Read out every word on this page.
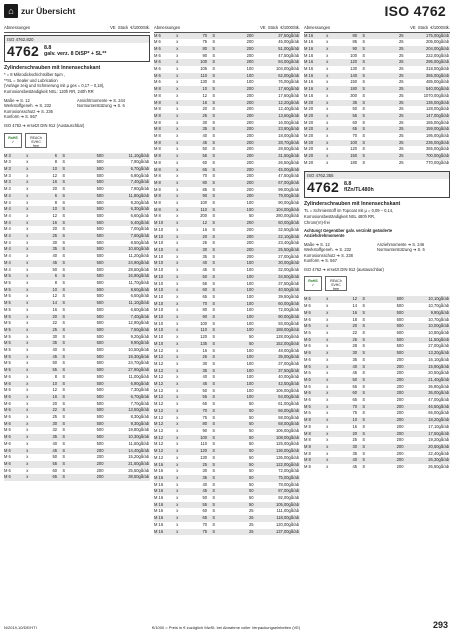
⌂ zur Übersicht	ISO 4762
Abmessungen	VE Stück €/1000Stk.
ISO 4762.820
4762 8.8
galv. verz. 8 DiSP* + SL**
Zylinderschrauben mit Innensechskant
* = 8 Mikrodickschichtsilber 5µm ,
**SL = Sealer und Lubrication
(Vorlage zeig und Schmierung mit µ ges = 0,17 – 0,18),
Korrosionsbeständigkeit NSL: 120h RR, 240h RR
Maße ➔ S. 12	Ansichtmomente ➔ S. 244
Werkstoffgeneh. ➔ S. 232	Normunterstützung ➔ S. 6
Korrosionsschutz ➔ S. 236
Konform ➔ S. 567
ISO 4762 ➔ ersetzt DIN 912 (Austauschbar)
RoHS
✓
REACh
SVHC
free
M 3	x	6	S	500	11,10gß/ab
M 3	x	8	S	500	7,90gß/ab
M 3	x	10	S	500	6,70gß/ab
M 3	x	12	S	500	6,90gß/ab
M 3	x	16	S	500	7,40gß/ab
M 3	x	20	S	500	7,90gß/ab
M 4	x	6	S	500	11,80gß/ab
M 4	x	8	S	500	8,20gß/ab
M 4	x	10	S	500	6,30gß/ab
M 4	x	12	S	500	6,60gß/ab
M 4	x	16	S	500	6,40gß/ab
M 4	x	20	S	500	7,00gß/ab
M 4	x	25	S	500	7,60gß/ab
M 4	x	30	S	500	8,50gß/ab
M 4	x	35	S	500	10,60gß/ab
M 4	x	40	S	500	11,20gß/ab
M 4	x	45	S	500	24,90gß/ab
M 4	x	50	S	500	28,50gß/ab
M 5	x	6	S	500	16,90gß/ab
M 5	x	8	S	500	11,70gß/ab
M 5	x	10	S	500	8,60gß/ab
M 5	x	12	S	500	6,50gß/ab
M 5	x	14	S	500	11,10gß/ab
M 5	x	16	S	500	6,60gß/ab
M 5	x	20	S	500	7,40gß/ab
M 5	x	22	S	500	12,90gß/ab
M 5	x	25	S	500	7,50gß/ab
M 5	x	30	S	500	9,20gß/ab
M 5	x	35	S	500	9,90gß/ab
M 5	x	40	S	500	10,50gß/ab
M 5	x	45	S	500	19,30gß/ab
M 5	x	50	S	500	24,70gß/ab
M 5	x	55	S	500	27,90gß/ab
M 6	x	8	S	500	11,00gß/ab
M 6	x	10	S	500	6,90gß/ab
M 6	x	12	S	500	7,30gß/ab
M 6	x	16	S	500	6,70gß/ab
M 6	x	20	S	500	7,70gß/ab
M 6	x	22	S	500	13,50gß/ab
M 6	x	25	S	500	8,30gß/ab
M 6	x	30	S	500	9,30gß/ab
M 6	x	32	S	500	19,80gß/ab
M 6	x	35	S	500	10,30gß/ab
M 6	x	40	S	500	11,60gß/ab
M 6	x	45	S	200	14,40gß/ab
M 6	x	50	S	200	15,20gß/ab
M 6	x	55	S	200	21,60gß/ab
M 6	x	60	S	200	25,50gß/ab
M 6	x	65	S	200	38,50gß/ab
Abmessungen	VE Stück €/1000Stk.
M 6	x	70	S	200	37,50gß/ab
M 6	x	75	S	200	45,00gß/ab
M 6	x	80	S	200	51,00gß/ab
M 6	x	90	S	200	47,50gß/ab
M 6	x	100	S	200	84,00gß/ab
M 6	x	105	S	100	104,00gß/ab
M 6	x	110	S	100	62,00gß/ab
M 6	x	130	S	100	76,00gß/ab
M 8	x	10	S	200	17,60gß/ab
M 8	x	12	S	200	17,60gß/ab
M 8	x	16	S	200	12,20gß/ab
M 8	x	20	S	200	12,40gß/ab
M 8	x	25	S	200	13,60gß/ab
M 8	x	30	S	200	16,00gß/ab
M 8	x	35	S	200	23,90gß/ab
M 8	x	40	S	200	18,00gß/ab
M 8	x	45	S	200	28,70gß/ab
M 8	x	50	S	200	28,50gß/ab
M 8	x	55	S	200	31,50gß/ab
M 8	x	60	S	200	26,50gß/ab
M 8	x	65	S	200	45,00gß/ab
M 8	x	70	S	200	47,50gß/ab
M 8	x	80	S	200	67,00gß/ab
M 8	x	85	S	200	99,00gß/ab
M 8	x	90	S	200	79,00gß/ab
M 8	x	100	S	100	90,00gß/ab
M 8	x	110	S	100	104,00gß/ab
M 8	x	200	S	50	280,00gß/ab
M 10	x	12	S	200	60,00gß/ab
M 10	x	16	S	200	32,50gß/ab
M 10	x	20	S	200	22,10gß/ab
M 10	x	25	S	200	23,40gß/ab
M 10	x	30	S	200	25,50gß/ab
M 10	x	35	S	200	27,00gß/ab
M 10	x	40	S	100	30,00gß/ab
M 10	x	45	S	100	32,00gß/ab
M 10	x	50	S	100	34,50gß/ab
M 10	x	55	S	100	37,50gß/ab
M 10	x	60	S	100	40,50gß/ab
M 10	x	65	S	100	39,50gß/ab
M 10	x	70	S	100	60,00gß/ab
M 10	x	80	S	100	72,00gß/ab
M 10	x	90	S	100	90,00gß/ab
M 10	x	100	S	100	93,00gß/ab
M 10	x	110	S	100	188,00gß/ab
M 10	x	120	S	50	128,00gß/ab
M 10	x	135	S	50	152,00gß/ab
M 12	x	16	S	100	48,00gß/ab
M 12	x	25	S	100	35,00gß/ab
M 12	x	30	S	100	37,00gß/ab
M 12	x	35	S	100	37,50gß/ab
M 12	x	40	S	100	40,00gß/ab
M 12	x	45	S	100	42,50gß/ab
M 12	x	50	S	100	106,00gß/ab
M 12	x	55	S	100	54,00gß/ab
M 12	x	65	S	50	61,00gß/ab
M 12	x	70	S	50	66,00gß/ab
M 12	x	75	S	50	68,00gß/ab
M 12	x	80	S	50	68,00gß/ab
M 12	x	90	S	50	106,00gß/ab
M 12	x	100	S	50	108,00gß/ab
M 12	x	110	S	50	125,00gß/ab
M 12	x	120	S	50	136,00gß/ab
M 12	x	130	S	50	136,00gß/ab
M 16	x	25	S	50	122,00gß/ab
M 16	x	30	S	50	72,00gß/ab
M 16	x	35	S	50	75,00gß/ab
M 16	x	40	S	50	78,00gß/ab
M 16	x	45	S	50	87,00gß/ab
M 16	x	50	S	50	92,00gß/ab
M 16	x	55	S	50	105,00gß/ab
M 16	x	60	S	25	111,00gß/ab
M 16	x	65	S	25	118,00gß/ab
M 16	x	70	S	25	120,00gß/ab
M 16	x	75	S	25	137,00gß/ab
Abmessungen	VE Stück €/1000Stk.
M 16	x	80	S	25	175,00gß/ab
M 16	x	85	S	25	205,00gß/ab
M 16	x	90	S	25	204,00gß/ab
M 16	x	100	S	25	222,00gß/ab
M 16	x	120	S	25	295,00gß/ab
M 16	x	130	S	25	318,00gß/ab
M 16	x	140	S	25	365,00gß/ab
M 16	x	150	S	25	485,00gß/ab
M 16	x	180	S	25	540,00gß/ab
M 16	x	300	S	25	1070,00gß/ab
M 20	x	35	S	25	136,00gß/ab
M 20	x	50	S	25	128,00gß/ab
M 20	x	55	S	25	147,00gß/ab
M 20	x	60	S	25	155,00gß/ab
M 20	x	65	S	25	159,00gß/ab
M 20	x	70	S	25	195,00gß/ab
M 20	x	100	S	25	236,00gß/ab
M 20	x	120	S	25	365,00gß/ab
M 20	x	150	S	25	700,00gß/ab
M 20	x	180	S	25	770,00gß/ab
ISO 4762.355
4762 8.8
flZn/TL480h
Zylinderschrauben mit Innensechskant
TL = Schmierstoff im Topcoat mit µ = 0,09 – 0,14,
Korrosionsbeständigkeit NSL 480h RR,
Chrom(VI)-frei
Achtung! Gegenüber galv. verzinkt geänderte
Anziehdrehmomente
Maße ➔ S. 12	Anziehmomente ➔ S. 246
Werkstoffgeneh. ➔ S. 232	Normunterstützung ➔ S. 6
Korrosionsschutz ➔ S. 238
Konform ➔ S. 567
ISO 4762 ➔ ersetzt DIN 912 (austauschbar)
RoHS
✓
REACh
SVHC
free
M 6	x	12	S	500	10,10gß/ab
M 6	x	14	S	500	10,70gß/ab
M 6	x	16	S	500	9,90gß/ab
M 6	x	18	S	500	10,70gß/ab
M 6	x	20	S	500	10,00gß/ab
M 6	x	22	S	500	10,80gß/ab
M 6	x	25	S	500	11,50gß/ab
M 6	x	28	S	500	27,00gß/ab
M 6	x	30	S	500	13,20gß/ab
M 6	x	35	S	200	16,10gß/ab
M 6	x	40	S	200	15,90gß/ab
M 6	x	45	S	200	20,50gß/ab
M 6	x	50	S	200	21,40gß/ab
M 6	x	55	S	200	36,80gß/ab
M 6	x	60	S	200	36,00gß/ab
M 6	x	65	S	200	47,00gß/ab
M 6	x	70	S	200	46,50gß/ab
M 6	x	75	S	200	65,00gß/ab
M 8	x	10	S	200	18,20gß/ab
M 8	x	16	S	200	17,10gß/ab
M 8	x	20	S	200	17,50gß/ab
M 8	x	25	S	200	19,20gß/ab
M 8	x	30	S	200	20,50gß/ab
M 8	x	35	S	200	22,40gß/ab
M 8	x	40	S	200	26,30gß/ab
M 8	x	45	S	200	26,50gß/ab
N/2019,10/DE/HTI	€/1000 = Preis in € zuzüglich MwSt. bei Abnahme voller Verpackungseinheiten (VE)	293
